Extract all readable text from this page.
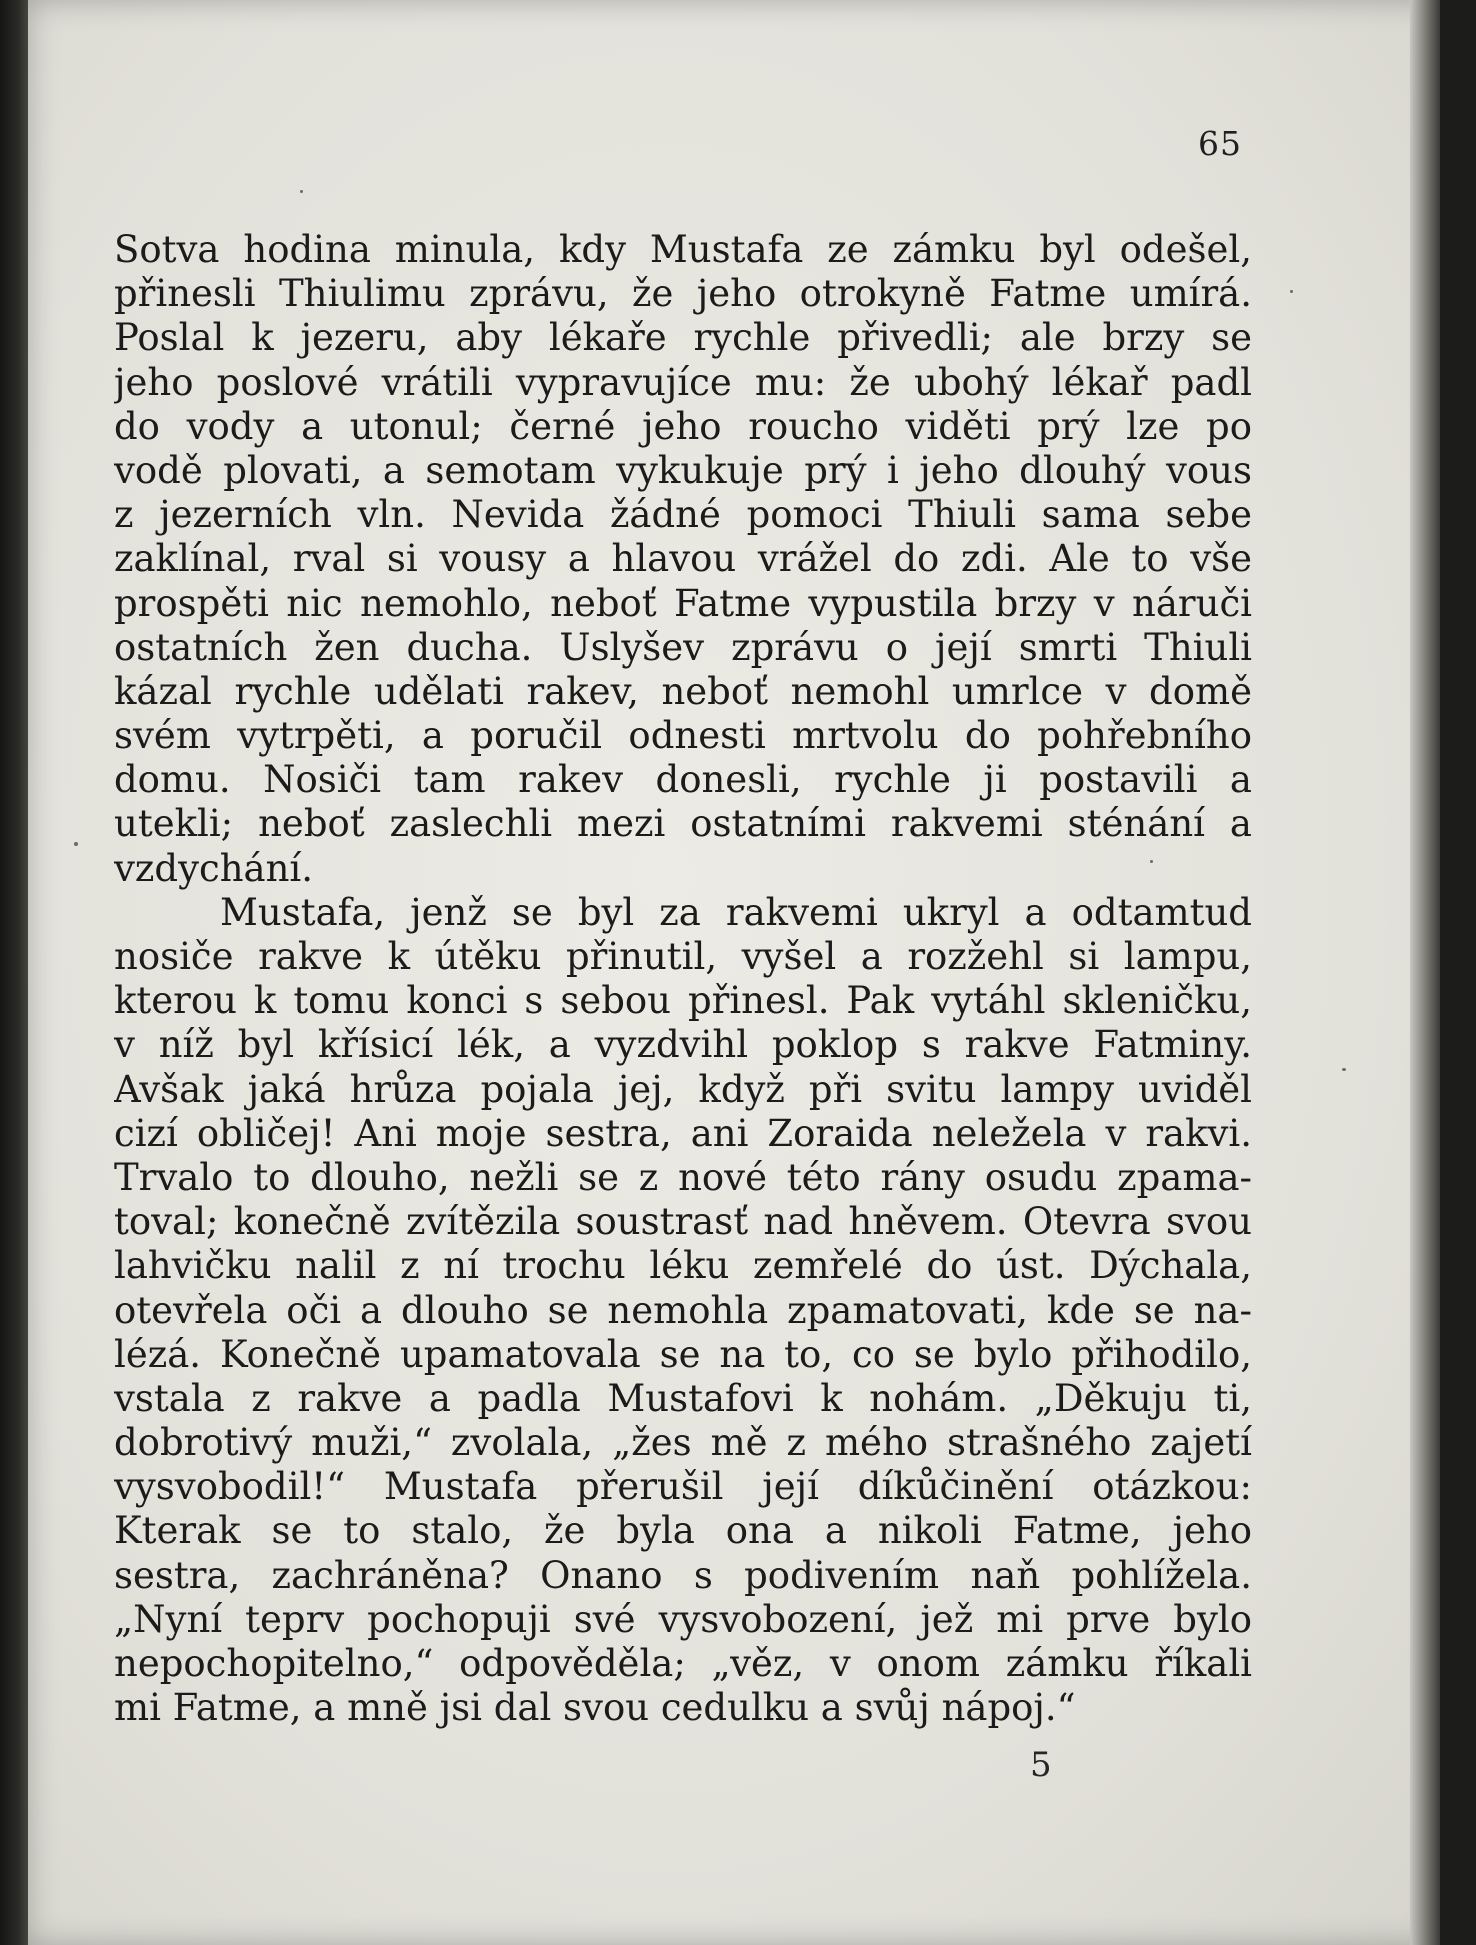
65
Sotva hodina minula, kdy Mustafa ze zámku byl odešel,
přinesli Thiulimu zprávu, že jeho otrokyně Fatme umírá.
Poslal k jezeru, aby lékaře rychle přivedli; ale brzy se
jeho poslové vrátili vypravujíce mu: že ubohý lékař padl
do vody a utonul; černé jeho roucho viděti prý lze po
vodě plovati, a semotam vykukuje prý i jeho dlouhý vous
z jezerních vln. Nevida žádné pomoci Thiuli sama sebe
zaklínal, rval si vousy a hlavou vrážel do zdi. Ale to vše
prospěti nic nemohlo, neboť Fatme vypustila brzy v náruči
ostatních žen ducha. Uslyšev zprávu o její smrti Thiuli
kázal rychle udělati rakev, neboť nemohl umrlce v domě
svém vytrpěti, a poručil odnesti mrtvolu do pohřebního
domu. Nosiči tam rakev donesli, rychle ji postavili a
utekli; neboť zaslechli mezi ostatními rakvemi sténání a
vzdychání.
Mustafa, jenž se byl za rakvemi ukryl a odtamtud
nosiče rakve k útěku přinutil, vyšel a rozžehl si lampu,
kterou k tomu konci s sebou přinesl. Pak vytáhl skleničku,
v níž byl křísicí lék, a vyzdvihl poklop s rakve Fatminy.
Avšak jaká hrůza pojala jej, když při svitu lampy uviděl
cizí obličej! Ani moje sestra, ani Zoraida neležela v rakvi.
Trvalo to dlouho, nežli se z nové této rány osudu zpama-
toval; konečně zvítězila soustrasť nad hněvem. Otevra svou
lahvičku nalil z ní trochu léku zemřelé do úst. Dýchala,
otevřela oči a dlouho se nemohla zpamatovati, kde se na-
lézá. Konečně upamatovala se na to, co se bylo přihodilo,
vstala z rakve a padla Mustafovi k nohám. „Děkuju ti,
dobrotivý muži,“ zvolala, „žes mě z mého strašného zajetí
vysvobodil!“ Mustafa přerušil její díkůčinění otázkou:
Kterak se to stalo, že byla ona a nikoli Fatme, jeho
sestra, zachráněna? Onano s podivením naň pohlížela.
„Nyní teprv pochopuji své vysvobození, jež mi prve bylo
nepochopitelno,“ odpověděla; „věz, v onom zámku říkali
mi Fatme, a mně jsi dal svou cedulku a svůj nápoj.“
5
